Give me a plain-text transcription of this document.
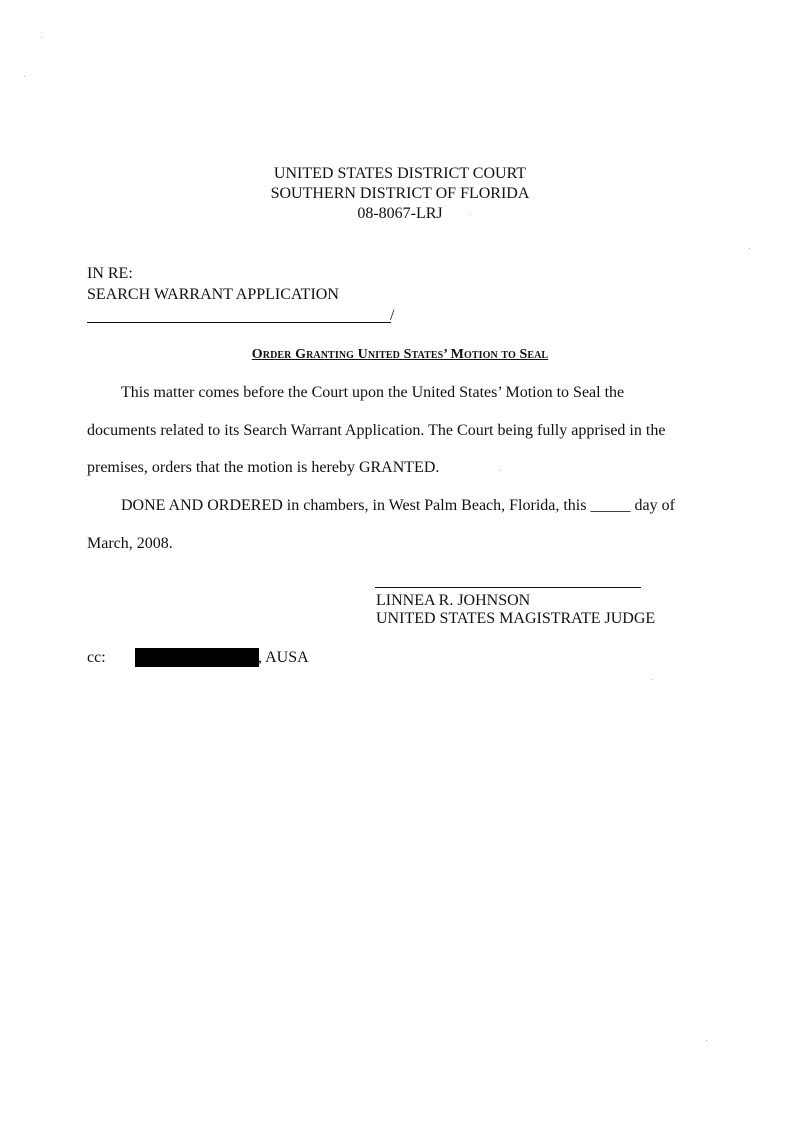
UNITED STATES DISTRICT COURT
SOUTHERN DISTRICT OF FLORIDA
08-8067-LRJ
IN RE:
SEARCH WARRANT APPLICATION
/
Order Granting United States’ Motion to Seal
This matter comes before the Court upon the United States’ Motion to Seal the
documents related to its Search Warrant Application. The Court being fully apprised in the
premises, orders that the motion is hereby GRANTED.
DONE AND ORDERED in chambers, in West Palm Beach, Florida, this _____ day of
March, 2008.
LINNEA R. JOHNSON
UNITED STATES MAGISTRATE JUDGE
cc:	, AUSA
